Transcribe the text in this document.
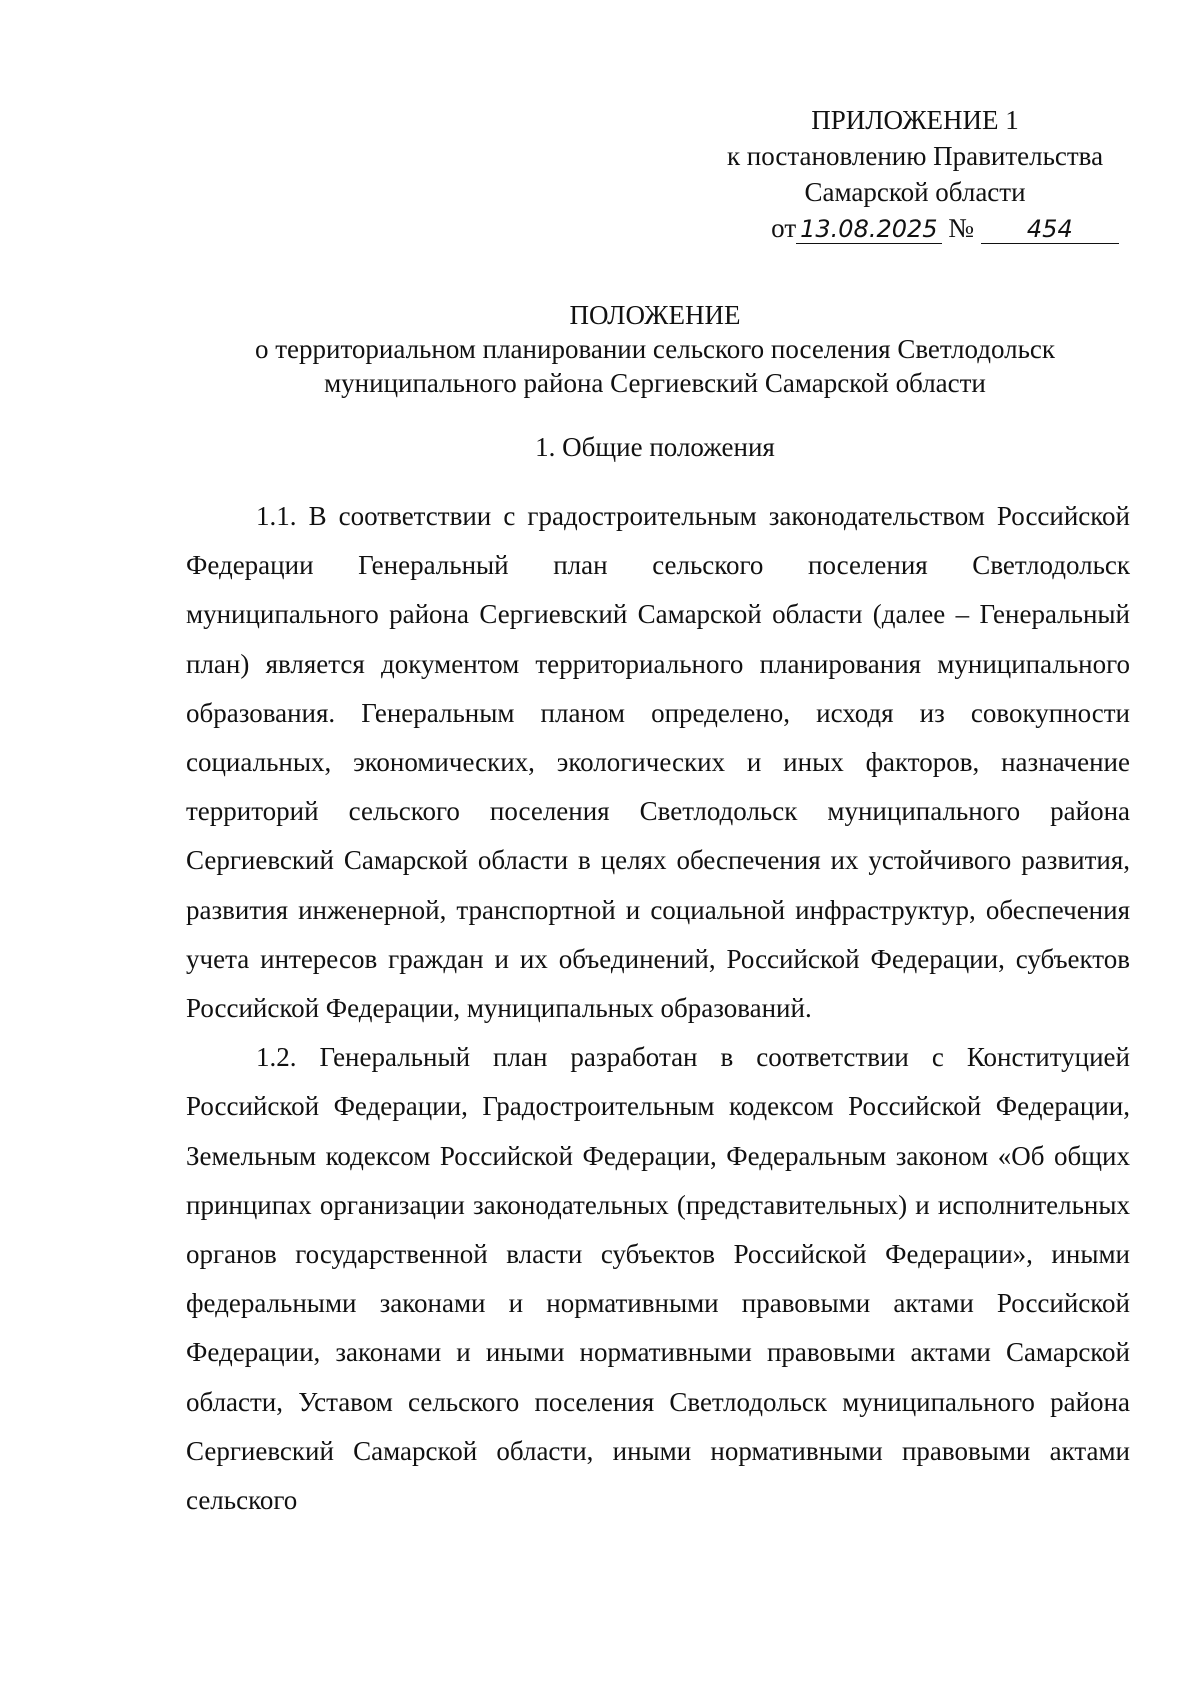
ПРИЛОЖЕНИЕ 1
к постановлению Правительства
Самарской области
от 13.08.2025 № 454
ПОЛОЖЕНИЕ
о территориальном планировании сельского поселения Светлодольск
муниципального района Сергиевский Самарской области
1. Общие положения

1.1. В соответствии с градостроительным законодательством Российской Федерации Генеральный план сельского поселения Светлодольск муниципального района Сергиевский Самарской области (далее – Генеральный план) является документом территориального планирования муниципального образования. Генеральным планом определено, исходя из совокупности социальных, экономических, экологических и иных факторов, назначение территорий сельского поселения Светлодольск муниципального района Сергиевский Самарской области в целях обеспечения их устойчивого развития, развития инженерной, транспортной и социальной инфраструктур, обеспечения учета интересов граждан и их объединений, Российской Федерации, субъектов Российской Федерации, муниципальных образований.

1.2. Генеральный план разработан в соответствии с Конституцией Российской Федерации, Градостроительным кодексом Российской Федерации, Земельным кодексом Российской Федерации, Федеральным законом «Об общих принципах организации законодательных (представительных) и исполнительных органов государственной власти субъектов Российской Федерации», иными федеральными законами и нормативными правовыми актами Российской Федерации, законами и иными нормативными правовыми актами Самарской области, Уставом сельского поселения Светлодольск муниципального района Сергиевский Самарской области, иными нормативными правовыми актами сельского
